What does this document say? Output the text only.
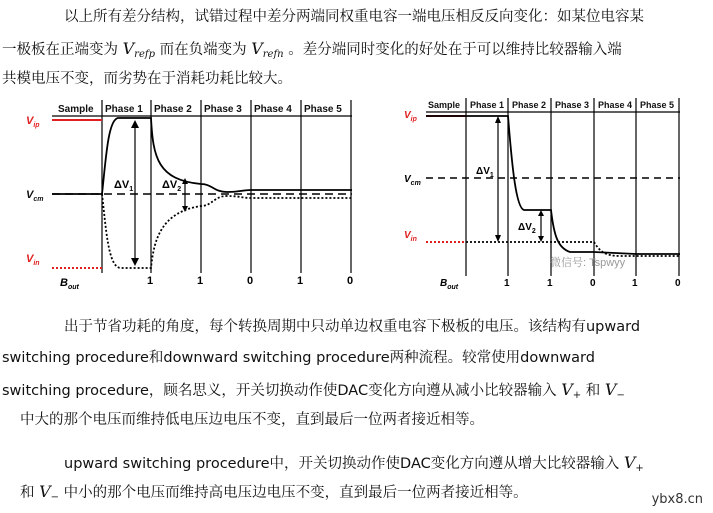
以上所有差分结构，试错过程中差分两端同权重电容一端电压相反反向变化：如某位电容某
一极板在正端变为 $V_{refp}$ 而在负端变为 $V_{refn}$ 。差分端同时变化的好处在于可以维持比较器输入端
共模电压不变，而劣势在于消耗功耗比较大。
Sample Phase 1 Phase 2 Phase 3 Phase 4 Phase 5
$V_{ip}$
$V_{cm}$
$V_{in}$
$\Delta V_1$	$\Delta V_2$
$B_{out}$
1	1	0	1	0
Sample Phase 1 Phase 2 Phase 3 Phase 4 Phase 5
$V_{ip}$
$V_{cm}$
$V_{in}$
$\Delta V_1$
$\Delta V_2$
微信号: Tspwyy
$B_{out}$	1	1	0	1	0
出于节省功耗的角度，每个转换周期中只动单边权重电容下极板的电压。该结构有upward
switching procedure和downward switching procedure两种流程。较常使用downward
switching procedure，顾名思义，开关切换动作使DAC变化方向遵从减小比较器输入 $V_+$ 和 $V_-$
中大的那个电压而维持低电压边电压不变，直到最后一位两者接近相等。
upward switching procedure中，开关切换动作使DAC变化方向遵从增大比较器输入 $V_+$
和 $V_-$ 中小的那个电压而维持高电压边电压不变，直到最后一位两者接近相等。	ybx8.cn
